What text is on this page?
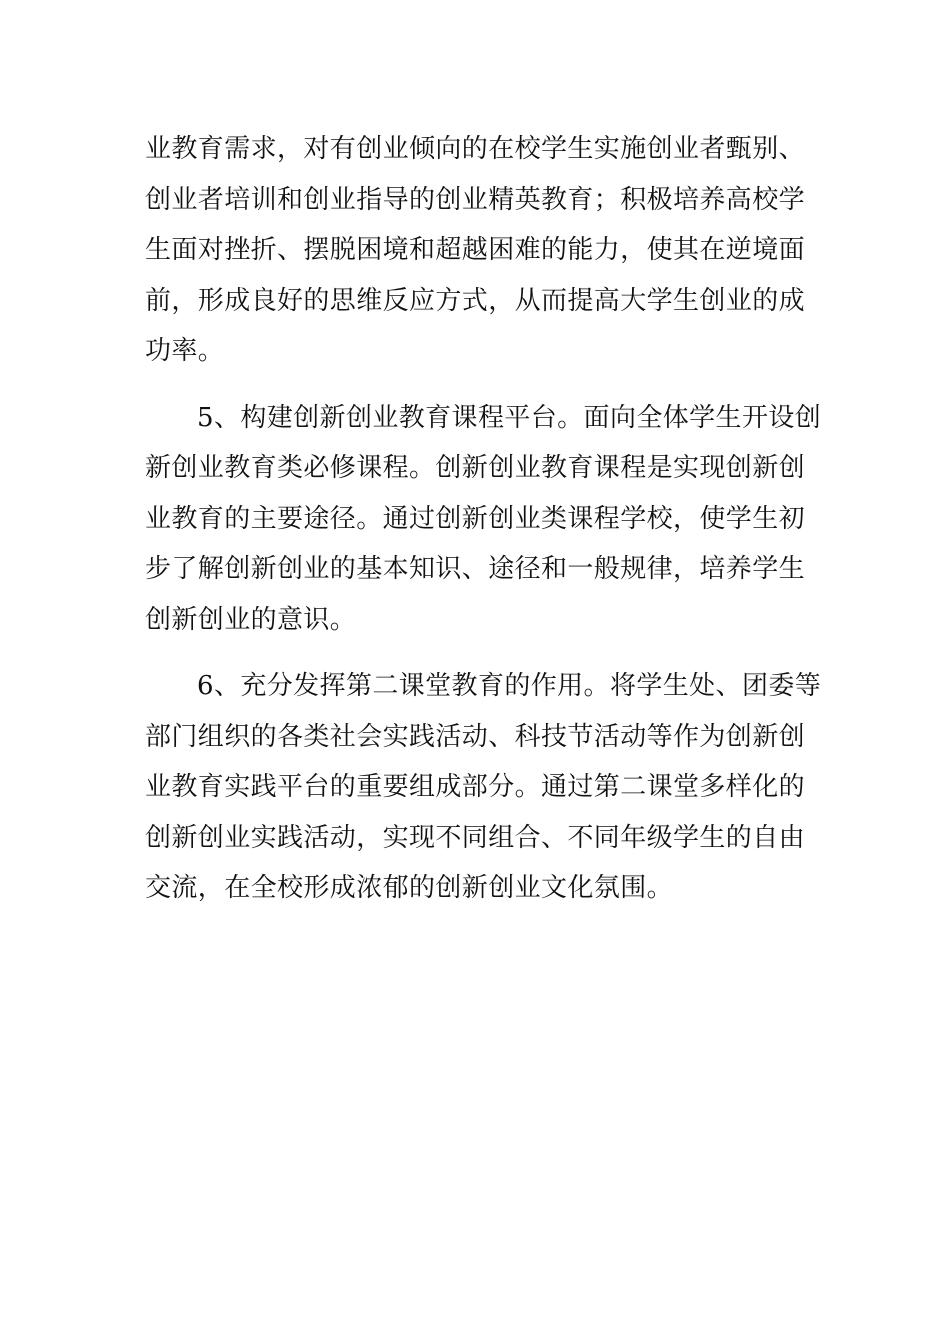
业教育需求，对有创业倾向的在校学生实施创业者甄别、
创业者培训和创业指导的创业精英教育；积极培养高校学
生面对挫折、摆脱困境和超越困难的能力，使其在逆境面
前，形成良好的思维反应方式，从而提高大学生创业的成
功率。
5、构建创新创业教育课程平台。面向全体学生开设创
新创业教育类必修课程。创新创业教育课程是实现创新创
业教育的主要途径。通过创新创业类课程学校，使学生初
步了解创新创业的基本知识、途径和一般规律，培养学生
创新创业的意识。
6、充分发挥第二课堂教育的作用。将学生处、团委等
部门组织的各类社会实践活动、科技节活动等作为创新创
业教育实践平台的重要组成部分。通过第二课堂多样化的
创新创业实践活动，实现不同组合、不同年级学生的自由
交流，在全校形成浓郁的创新创业文化氛围。
